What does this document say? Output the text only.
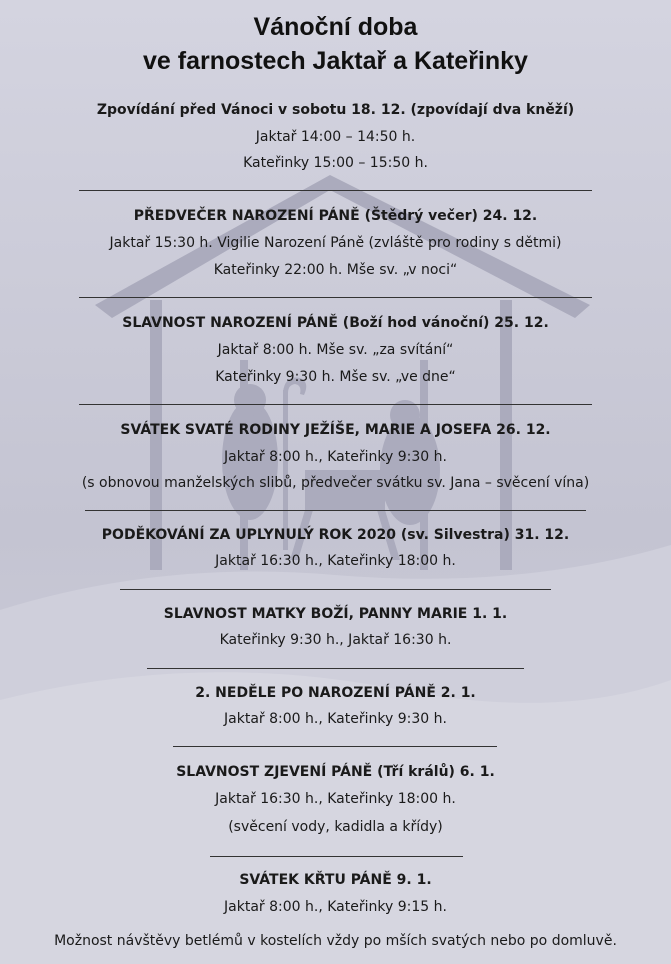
Vánoční doba
ve farnostech Jaktař a Kateřinky
Zpovídání před Vánoci v sobotu 18. 12. (zpovídají dva kněží)
Jaktař 14:00 – 14:50 h.
Kateřinky 15:00 – 15:50 h.
PŘEDVEČER NAROZENÍ PÁNĚ (Štědrý večer) 24. 12.
Jaktař 15:30 h. Vigilie Narození Páně (zvláště pro rodiny s dětmi)
Kateřinky 22:00 h. Mše sv. „v noci“
SLAVNOST NAROZENÍ PÁNĚ (Boží hod vánoční) 25. 12.
Jaktař 8:00 h. Mše sv. „za svítání“
Kateřinky 9:30 h. Mše sv. „ve dne“
SVÁTEK SVATÉ RODINY JEŽÍŠE, MARIE A JOSEFA 26. 12.
Jaktař 8:00 h., Kateřinky 9:30 h.
(s obnovou manželských slibů, předvečer svátku sv. Jana – svěcení vína)
PODĚKOVÁNÍ ZA UPLYNULÝ ROK 2020 (sv. Silvestra) 31. 12.
Jaktař 16:30 h., Kateřinky 18:00 h.
SLAVNOST MATKY BOŽÍ, PANNY MARIE 1. 1.
Kateřinky 9:30 h., Jaktař 16:30 h.
2. NEDĚLE PO NAROZENÍ PÁNĚ 2. 1.
Jaktař 8:00 h., Kateřinky 9:30 h.
SLAVNOST ZJEVENÍ PÁNĚ (Tří králů) 6. 1.
Jaktař 16:30 h., Kateřinky 18:00 h.
(svěcení vody, kadidla a křídy)
SVÁTEK KŘTU PÁNĚ 9. 1.
Jaktař 8:00 h., Kateřinky 9:15 h.
Možnost návštěvy betlémů v kostelích vždy po mších svatých nebo po domluvě.
